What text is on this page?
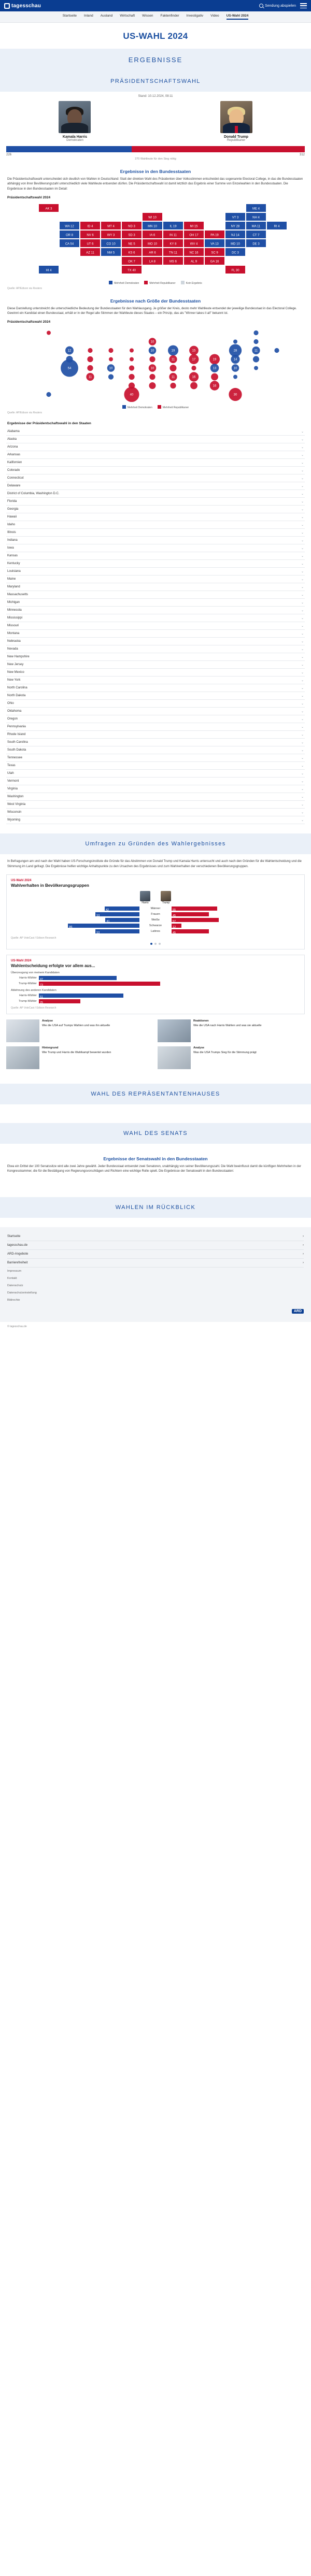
tagesschau	Sendung abspielen
Startseite Inland Ausland Wirtschaft Wissen Faktenfinder Investigativ Video US-Wahl 2024
US-WAHL 2024
ERGEBNISSE
PRÄSIDENTSCHAFTSWAHL
Stand: 10.12.2024, 08:11
Kamala Harris
Demokraten
Donald Trump
Republikaner
226	312
270 Wahlleute für den Sieg nötig
Ergebnisse in den Bundesstaaten
Die Präsidentschaftswahl unterscheidet sich deutlich von Wahlen in Deutschland: Statt der direkten Wahl des Präsidenten über Volksstimmen entscheidet das sogenannte Electoral College, in das die Bundesstaaten abhängig von ihrer Bevölkerungszahl unterschiedlich viele Wahlleute entsenden dürfen. Die Präsidentschaftswahl ist damit letztlich das Ergebnis einer Summe von Einzelwahlen in den Bundesstaaten. Die Ergebnisse in den Bundesstaaten im Detail:
Präsidentschaftswahl 2024
AL 9
AK 3
AZ 11	AR 6
CA 54	CO 10
CT 7
DE 3
DC 3
FL 30
GA 16
HI 4
ID 4	IL 19
IN 11
IA 6
KS 6
KY 8
LA 8
ME 4
MD 10
MA 11
MI 15
MN 10
MS 6
MO 10
MT 4
NE 5
NV 6
NH 4
NJ 14
NM 5
NY 28
NC 16
ND 3
OH 17
OK 7
OR 8	PA 19
RI 4
SC 9
SD 3
TN 11
TX 40
UT 6
VT 3
VA 13
WA 12
WV 4
WI 10
WY 3
Mehrheit Demokraten	Mehrheit Republikaner	Kein Ergebnis
Quelle: AP/Edison via Reuters
Ergebnisse nach Größe der Bundesstaaten
Diese Darstellung unterstreicht die unterschiedliche Bedeutung der Bundesstaaten für den Wahlausgang. Je größer der Kreis, desto mehr Wahlleute entsendet der jeweilige Bundesstaat in das Electoral College. Gewinnt ein Kandidat einen Bundesstaat, erhält er in der Regel alle Stimmen der Wahlleute dieses Staates – ein Prinzip, das als "Winner takes it all" bekannt ist.
Präsidentschaftswahl 2024
11
54	10
30
16
19
11
10
11
15
10
10
14
28
16
17	19
11
40
13
12
10
Mehrheit Demokraten	Mehrheit Republikaner
Quelle: AP/Edison via Reuters
Ergebnisse der Präsidentschaftswahl in den Staaten
Alabama	⌄
Alaska	⌄
Arizona	⌄
Arkansas	⌄
Kalifornien	⌄
Colorado	⌄
Connecticut	⌄
Delaware	⌄
District of Columbia, Washington D.C.	⌄
Florida	⌄
Georgia	⌄
Hawaii	⌄
Idaho	⌄
Illinois	⌄
Indiana	⌄
Iowa	⌄
Kansas	⌄
Kentucky	⌄
Louisiana	⌄
Maine	⌄
Maryland	⌄
Massachusetts	⌄
Michigan	⌄
Minnesota	⌄
Mississippi	⌄
Missouri	⌄
Montana	⌄
Nebraska	⌄
Nevada	⌄
New Hampshire	⌄
New Jersey	⌄
New Mexico	⌄
New York	⌄
North Carolina	⌄
North Dakota	⌄
Ohio	⌄
Oklahoma	⌄
Oregon	⌄
Pennsylvania	⌄
Rhode Island	⌄
South Carolina	⌄
South Dakota	⌄
Tennessee	⌄
Texas	⌄
Utah	⌄
Vermont	⌄
Virginia	⌄
Washington	⌄
West Virginia	⌄
Wisconsin	⌄
Wyoming	⌄
Umfragen zu Gründen des Wahlergebnisses
In Befragungen am und nach der Wahl haben US-Forschungsinstitute die Gründe für das Abstimmen von Donald Trump und Kamala Harris untersucht und auch nach den Gründen für die Wahlentscheidung und die Stimmung im Land gefragt. Die Ergebnisse helfen wichtige Anhaltspunkte zu den Ursachen des Ergebnisses und zum Wahlverhalten der verschiedenen Bevölkerungsgruppen.
US-Wahl 2024
Wahlverhalten in Bevölkerungsgruppen
Harris	Trump
42	Männer	55
53	Frauen	45
41	Weiße	57
86	Schwarze	12
53	Latinos	45
Quelle: AP VoteCast / Edison Research
US-Wahl 2024
Wahlentscheidung erfolgte vor allem aus...
Überzeugung von meinem Kandidaten
Harris-Wähler	47
Trump-Wähler	73
Ablehnung des anderen Kandidaten
Harris-Wähler	51
Trump-Wähler	25
Quelle: AP VoteCast / Edison Research
Analyse
Wie die USA auf Trumps Wahlen und was ihn aktuelle
Reaktionen
Wie die USA nach Harris Wahlen und was sie aktuelle
Hintergrund
Wie Trump und Harris die Wahlkampf bewertet wurden
Analyse
Was die USA Trumps Sieg für die Stimmung prägt
WAHL DES REPRÄSENTANTENHAUSES
WAHL DES SENATS
Ergebnisse der Senatswahl in den Bundesstaaten
Etwa ein Drittel der 100 Senatssitze wird alle zwei Jahre gewählt. Jeder Bundesstaat entsendet zwei Senatoren, unabhängig von seiner Bevölkerungszahl. Die Wahl beeinflusst damit die künftigen Mehrheiten in der Kongresskammer, die für die Bestätigung von Regierungsvorschlägen und Richtern eine wichtige Rolle spielt. Die Ergebnisse der Senatswahl in den Bundesstaaten:
WAHLEN IM RÜCKBLICK
Startseite	›
tagesschau.de	›
ARD-Angebote	›
Barrierefreiheit	›
Impressum
Kontakt
Datenschutz
Datenschutzeinstellung
Bildrechte
ARD
© tagesschau.de
